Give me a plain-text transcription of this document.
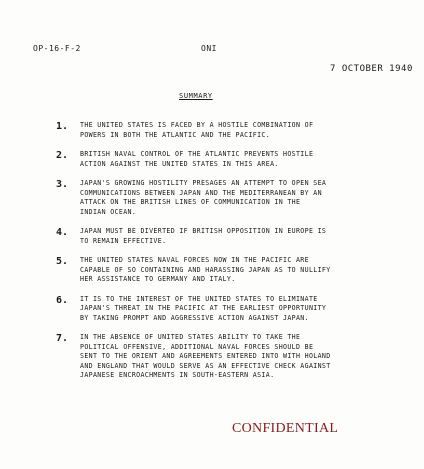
OP-16-F-2	ONI
7 OCTOBER 1940
SUMMARY
1.	THE UNITED STATES IS FACED BY A HOSTILE COMBINATION OF
POWERS IN BOTH THE ATLANTIC AND THE PACIFIC.
2.	BRITISH NAVAL CONTROL OF THE ATLANTIC PREVENTS HOSTILE
ACTION AGAINST THE UNITED STATES IN THIS AREA.
3.	JAPAN'S GROWING HOSTILITY PRESAGES AN ATTEMPT TO OPEN SEA
COMMUNICATIONS BETWEEN JAPAN AND THE MEDITERRANEAN BY AN
ATTACK ON THE BRITISH LINES OF COMMUNICATION IN THE
INDIAN OCEAN.
4.	JAPAN MUST BE DIVERTED IF BRITISH OPPOSITION IN EUROPE IS
TO REMAIN EFFECTIVE.
5.	THE UNITED STATES NAVAL FORCES NOW IN THE PACIFIC ARE
CAPABLE OF SO CONTAINING AND HARASSING JAPAN AS TO NULLIFY
HER ASSISTANCE TO GERMANY AND ITALY.
6.	IT IS TO THE INTEREST OF THE UNITED STATES TO ELIMINATE
JAPAN'S THREAT IN THE PACIFIC AT THE EARLIEST OPPORTUNITY
BY TAKING PROMPT AND AGGRESSIVE ACTION AGAINST JAPAN.
7.	IN THE ABSENCE OF UNITED STATES ABILITY TO TAKE THE
POLITICAL OFFENSIVE, ADDITIONAL NAVAL FORCES SHOULD BE
SENT TO THE ORIENT AND AGREEMENTS ENTERED INTO WITH HOLAND
AND ENGLAND THAT WOULD SERVE AS AN EFFECTIVE CHECK AGAINST
JAPANESE ENCROACHMENTS IN SOUTH-EASTERN ASIA.
CONFIDENTIAL
